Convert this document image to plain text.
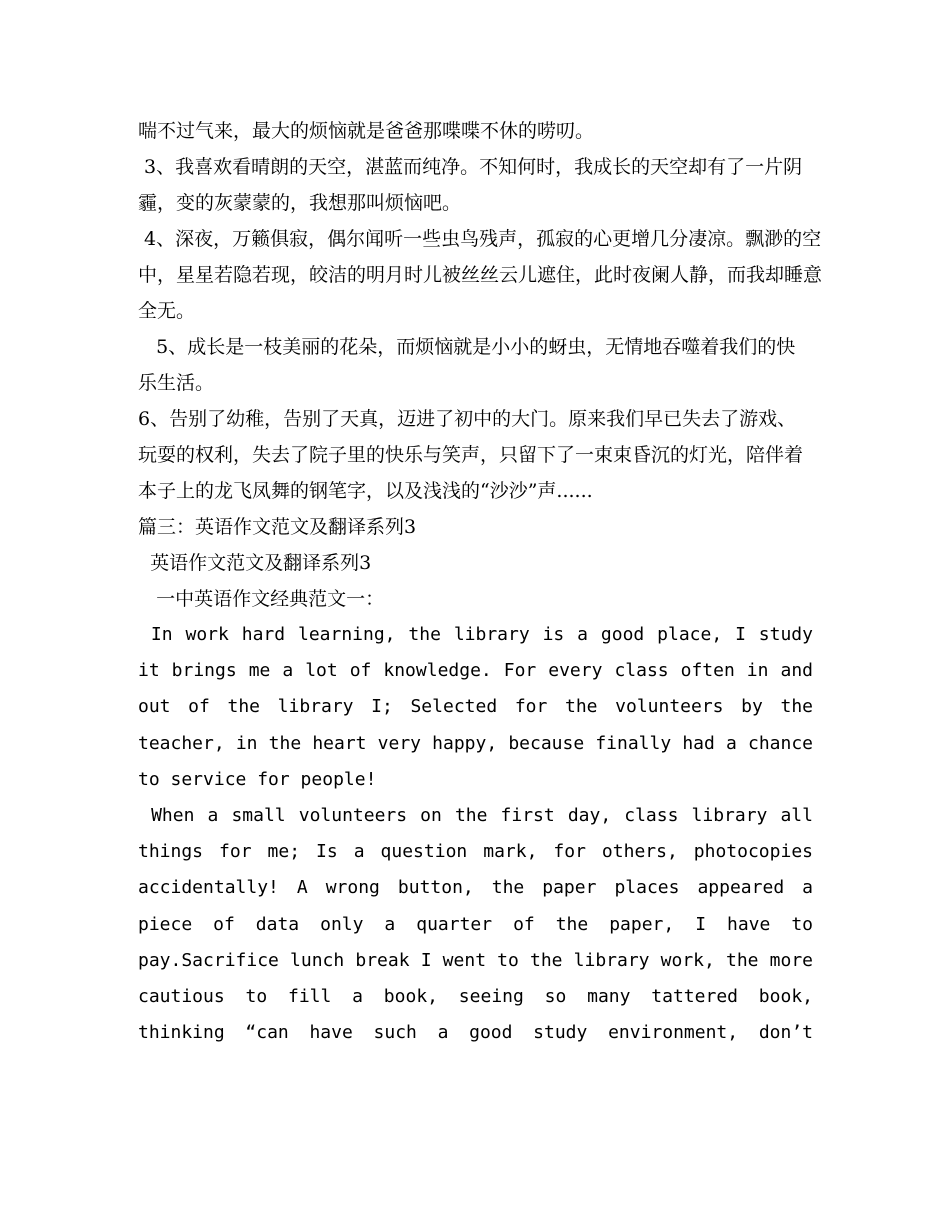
喘不过气来，最大的烦恼就是爸爸那喋喋不休的唠叨。

3、我喜欢看晴朗的天空，湛蓝而纯净。不知何时，我成长的天空却有了一片阴霾，变的灰蒙蒙的，我想那叫烦恼吧。

4、深夜，万籁俱寂，偶尔闻听一些虫鸟残声，孤寂的心更增几分凄凉。飘渺的空中，星星若隐若现，皎洁的明月时儿被丝丝云儿遮住，此时夜阑人静，而我却睡意全无。

5、成长是一枝美丽的花朵，而烦恼就是小小的蚜虫，无情地吞噬着我们的快乐生活。

6、告别了幼稚，告别了天真，迈进了初中的大门。原来我们早已失去了游戏、玩耍的权利，失去了院子里的快乐与笑声，只留下了一束束昏沉的灯光，陪伴着本子上的龙飞凤舞的钢笔字，以及浅浅的“沙沙”声......

篇三：英语作文范文及翻译系列3

英语作文范文及翻译系列3

一中英语作文经典范文一：

In work hard learning, the library is a good place, I study it brings me a lot of knowledge. For every class often in and out of the library I; Selected for the volunteers by the teacher, in the heart very happy, because finally had a chance to service for people!

When a small volunteers on the first day, class library all things for me; Is a question mark, for others, photocopies accidentally! A wrong button, the paper places appeared a piece of data only a quarter of the paper, I have to pay.Sacrifice lunch break I went to the library work, the more cautious to fill a book, seeing so many tattered book, thinking “can have such a good study environment, don’t
